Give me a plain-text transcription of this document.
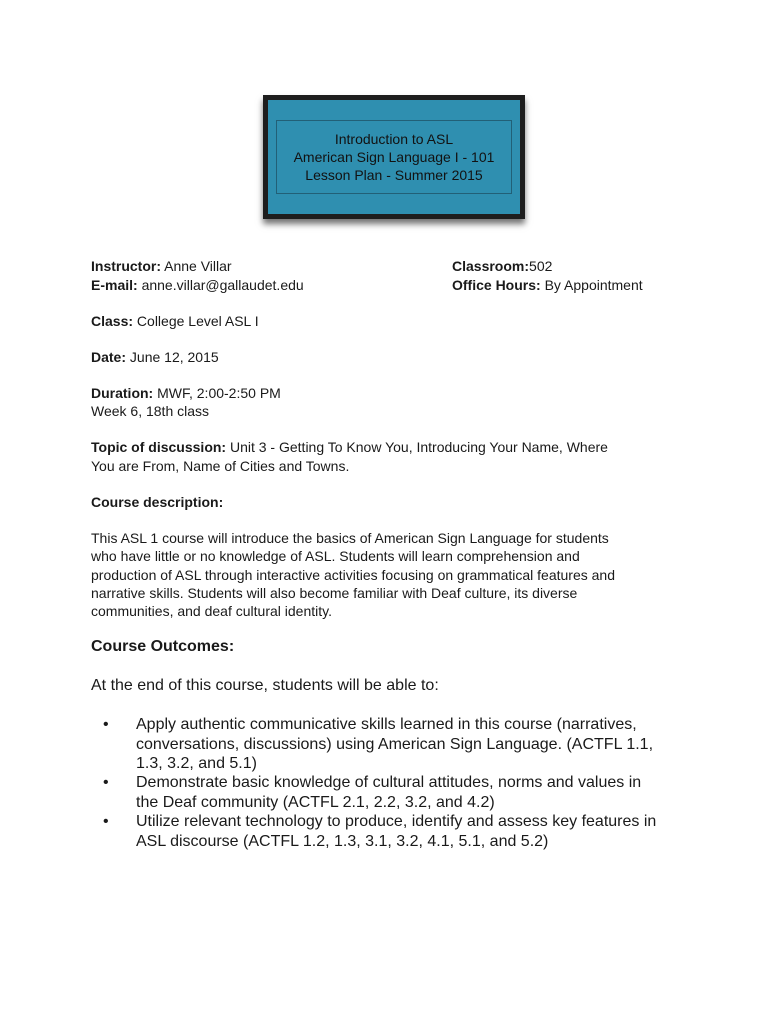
Introduction to ASL
American Sign Language I - 101
Lesson Plan - Summer 2015
Instructor: Anne Villar
E-mail: anne.villar@gallaudet.edu
Classroom:502
Office Hours: By Appointment
Class: College Level ASL I
Date: June 12, 2015
Duration: MWF, 2:00-2:50 PM
Week 6, 18th class
Topic of discussion: Unit 3 - Getting To Know You, Introducing Your Name, Where
You are From, Name of Cities and Towns.
Course description:
This ASL 1 course will introduce the basics of American Sign Language for students
who have little or no knowledge of ASL. Students will learn comprehension and
production of ASL through interactive activities focusing on grammatical features and
narrative skills. Students will also become familiar with Deaf culture, its diverse
communities, and deaf cultural identity.
Course Outcomes:
At the end of this course, students will be able to:
• Apply authentic communicative skills learned in this course (narratives,
conversations, discussions) using American Sign Language. (ACTFL 1.1,
1.3, 3.2, and 5.1)
• Demonstrate basic knowledge of cultural attitudes, norms and values in
the Deaf community (ACTFL 2.1, 2.2, 3.2, and 4.2)
• Utilize relevant technology to produce, identify and assess key features in
ASL discourse (ACTFL 1.2, 1.3, 3.1, 3.2, 4.1, 5.1, and 5.2)
